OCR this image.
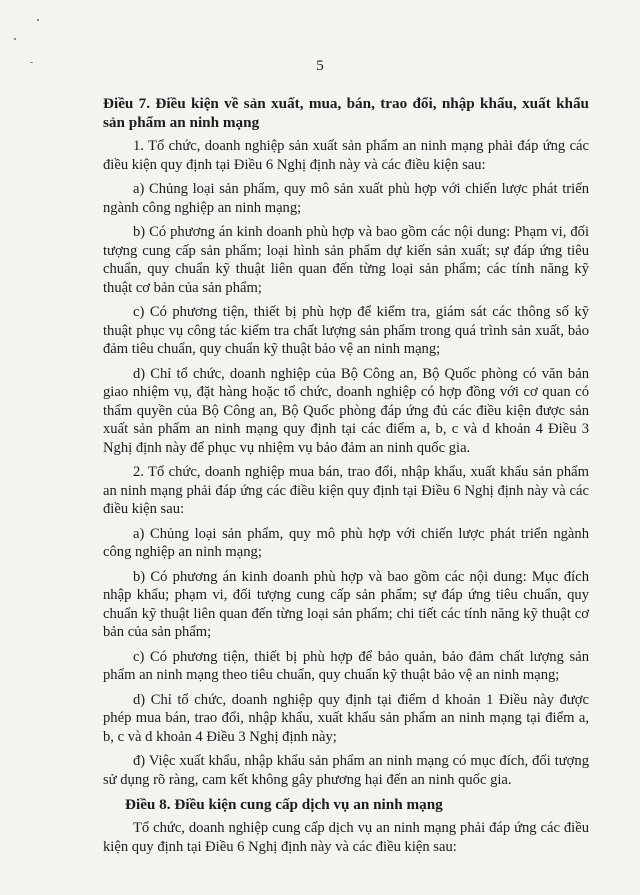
5
Điều 7. Điều kiện về sản xuất, mua, bán, trao đổi, nhập khẩu, xuất khẩu sản phẩm an ninh mạng
1. Tổ chức, doanh nghiệp sản xuất sản phẩm an ninh mạng phải đáp ứng các điều kiện quy định tại Điều 6 Nghị định này và các điều kiện sau:
a) Chủng loại sản phẩm, quy mô sản xuất phù hợp với chiến lược phát triển ngành công nghiệp an ninh mạng;
b) Có phương án kinh doanh phù hợp và bao gồm các nội dung: Phạm vi, đối tượng cung cấp sản phẩm; loại hình sản phẩm dự kiến sản xuất; sự đáp ứng tiêu chuẩn, quy chuẩn kỹ thuật liên quan đến từng loại sản phẩm; các tính năng kỹ thuật cơ bản của sản phẩm;
c) Có phương tiện, thiết bị phù hợp để kiểm tra, giám sát các thông số kỹ thuật phục vụ công tác kiểm tra chất lượng sản phẩm trong quá trình sản xuất, bảo đảm tiêu chuẩn, quy chuẩn kỹ thuật bảo vệ an ninh mạng;
d) Chỉ tổ chức, doanh nghiệp của Bộ Công an, Bộ Quốc phòng có văn bản giao nhiệm vụ, đặt hàng hoặc tổ chức, doanh nghiệp có hợp đồng với cơ quan có thẩm quyền của Bộ Công an, Bộ Quốc phòng đáp ứng đủ các điều kiện được sản xuất sản phẩm an ninh mạng quy định tại các điểm a, b, c và d khoản 4 Điều 3 Nghị định này để phục vụ nhiệm vụ bảo đảm an ninh quốc gia.
2. Tổ chức, doanh nghiệp mua bán, trao đổi, nhập khẩu, xuất khẩu sản phẩm an ninh mạng phải đáp ứng các điều kiện quy định tại Điều 6 Nghị định này và các điều kiện sau:
a) Chủng loại sản phẩm, quy mô phù hợp với chiến lược phát triển ngành công nghiệp an ninh mạng;
b) Có phương án kinh doanh phù hợp và bao gồm các nội dung: Mục đích nhập khẩu; phạm vi, đối tượng cung cấp sản phẩm; sự đáp ứng tiêu chuẩn, quy chuẩn kỹ thuật liên quan đến từng loại sản phẩm; chi tiết các tính năng kỹ thuật cơ bản của sản phẩm;
c) Có phương tiện, thiết bị phù hợp để bảo quản, bảo đảm chất lượng sản phẩm an ninh mạng theo tiêu chuẩn, quy chuẩn kỹ thuật bảo vệ an ninh mạng;
d) Chỉ tổ chức, doanh nghiệp quy định tại điểm d khoản 1 Điều này được phép mua bán, trao đổi, nhập khẩu, xuất khẩu sản phẩm an ninh mạng tại điểm a, b, c và d khoản 4 Điều 3 Nghị định này;
đ) Việc xuất khẩu, nhập khẩu sản phẩm an ninh mạng có mục đích, đối tượng sử dụng rõ ràng, cam kết không gây phương hại đến an ninh quốc gia.
Điều 8. Điều kiện cung cấp dịch vụ an ninh mạng
Tổ chức, doanh nghiệp cung cấp dịch vụ an ninh mạng phải đáp ứng các điều kiện quy định tại Điều 6 Nghị định này và các điều kiện sau:
